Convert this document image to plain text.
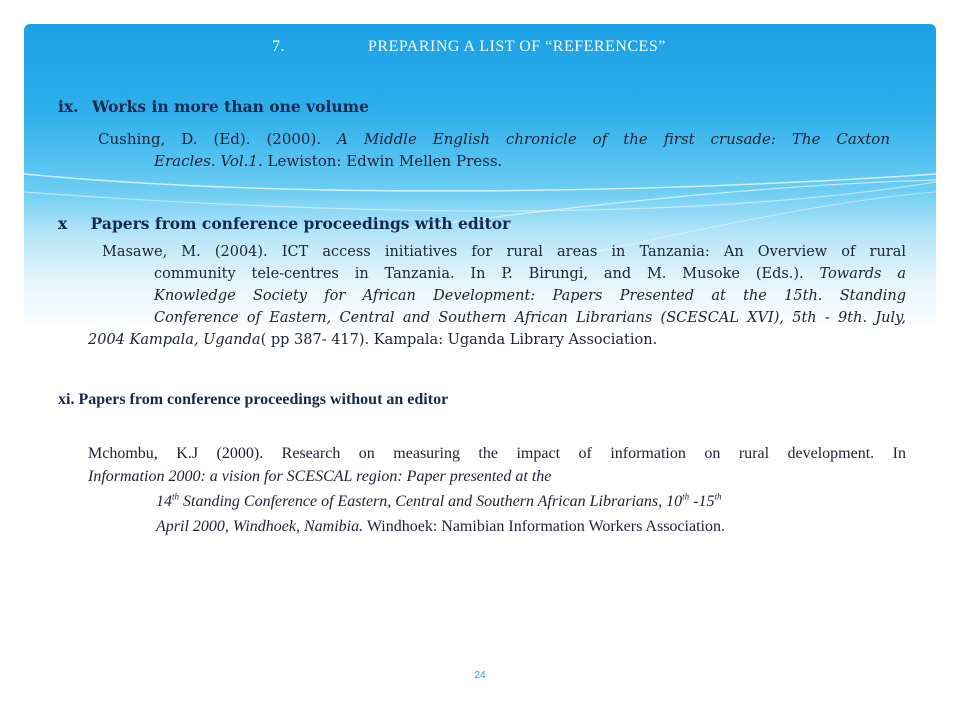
7.	PREPARING A LIST OF “REFERENCES”
ix. Works in more than one volume
Cushing, D. (Ed). (2000). A Middle English chronicle of the first crusade: The Caxton
Eracles. Vol.1. Lewiston: Edwin Mellen Press.
x Papers from conference proceedings with editor
Masawe, M. (2004). ICT access initiatives for rural areas in Tanzania: An Overview of rural
community tele-centres in Tanzania. In P. Birungi, and M. Musoke (Eds.). Towards a
Knowledge Society for African Development: Papers Presented at the 15th. Standing
Conference of Eastern, Central and Southern African Librarians (SCESCAL XVI), 5th - 9th. July,
2004 Kampala, Uganda( pp 387- 417). Kampala: Uganda Library Association.
xi. Papers from conference proceedings without an editor
Mchombu, K.J (2000). Research on measuring the impact of information on rural development. In
Information 2000: a vision for SCESCAL region: Paper presented at the
14th Standing Conference of Eastern, Central and Southern African Librarians, 10th -15th
April 2000, Windhoek, Namibia. Windhoek: Namibian Information Workers Association.
24
